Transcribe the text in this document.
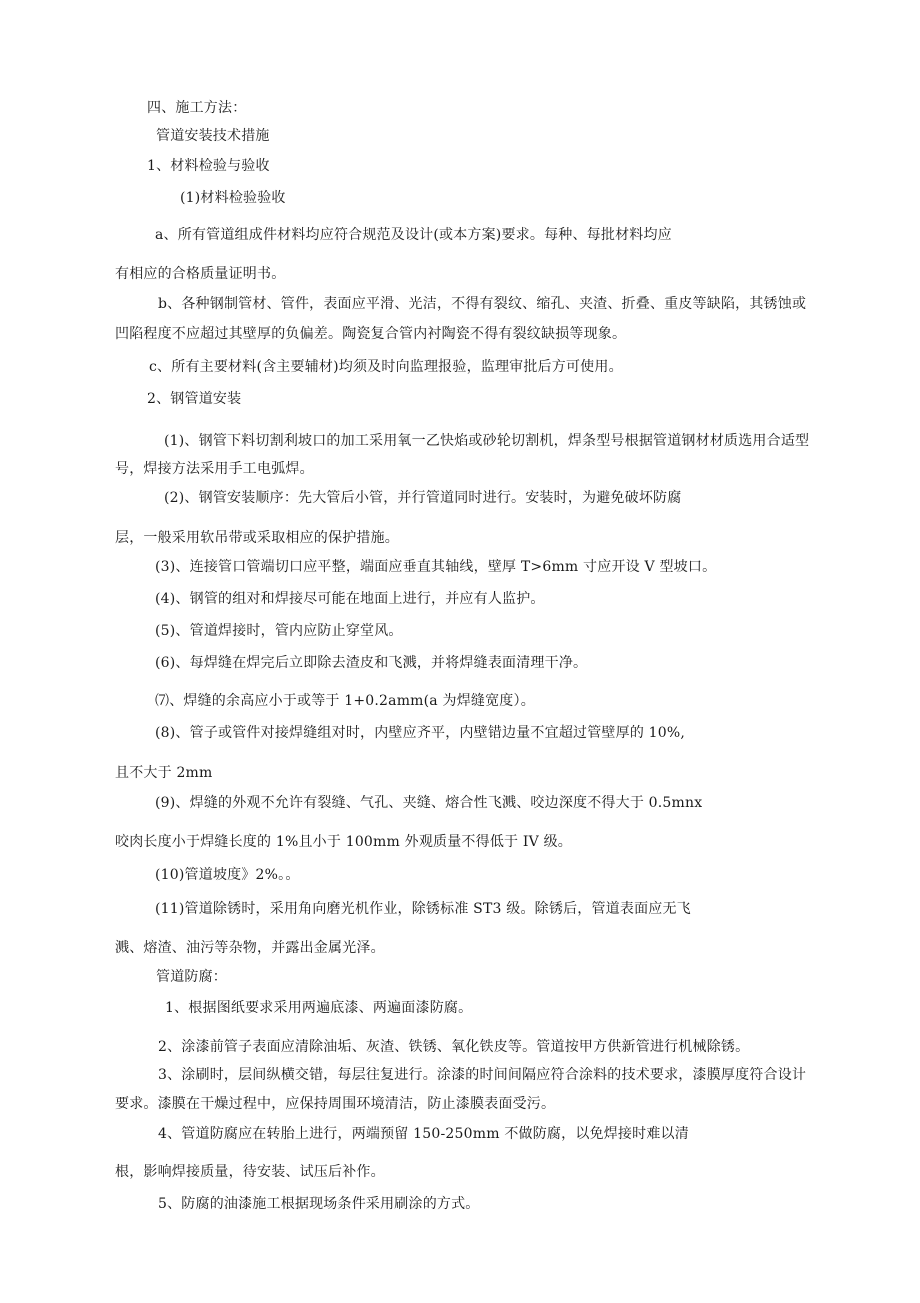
四、施工方法：
管道安装技术措施
1、材料检验与验收
(1)材料检验验收
a、所有管道组成件材料均应符合规范及设计(或本方案)要求。每种、每批材料均应
有相应的合格质量证明书。
b、各种钢制管材、管件，表面应平滑、光洁，不得有裂纹、缩孔、夹渣、折叠、重皮等缺陷，其锈蚀或
凹陷程度不应超过其壁厚的负偏差。陶瓷复合管内衬陶瓷不得有裂纹缺损等现象。
c、所有主要材料(含主要辅材)均须及时向监理报验，监理审批后方可使用。
2、钢管道安装
(1)、钢管下料切割利坡口的加工采用氧一乙快焰或砂轮切割机，焊条型号根据管道钢材材质选用合适型
号，焊接方法采用手工电弧焊。
(2)、钢管安装顺序：先大管后小管，并行管道同时进行。安装时，为避免破坏防腐
层，一般采用软吊带或采取相应的保护措施。
(3)、连接管口管端切口应平整，端面应垂直其轴线，壁厚 T>6mm 寸应开设 V 型坡口。
(4)、钢管的组对和焊接尽可能在地面上进行，并应有人监护。
(5)、管道焊接时，管内应防止穿堂风。
(6)、每焊缝在焊完后立即除去渣皮和飞溅，并将焊缝表面清理干净。
⑺、焊缝的余高应小于或等于 1+0.2amm(a 为焊缝宽度）。
(8)、管子或管件对接焊缝组对时，内壁应齐平，内壁错边量不宜超过管壁厚的 10%,
且不大于 2mm
(9)、焊缝的外观不允许有裂缝、气孔、夹缝、熔合性飞溅、咬边深度不得大于 0.5mnx
咬肉长度小于焊缝长度的 1%且小于 100mm 外观质量不得低于 IV 级。
(10)管道坡度》2%。。
(11)管道除锈时，采用角向磨光机作业，除锈标准 ST3 级。除锈后，管道表面应无飞
溅、熔渣、油污等杂物，并露出金属光泽。
管道防腐：
1、根据图纸要求采用两遍底漆、两遍面漆防腐。
2、涂漆前管子表面应清除油垢、灰渣、铁锈、氧化铁皮等。管道按甲方供新管进行机械除锈。
3、涂刷时，层间纵横交错，每层往复进行。涂漆的时间间隔应符合涂料的技术要求，漆膜厚度符合设计
要求。漆膜在干燥过程中，应保持周围环境清洁，防止漆膜表面受污。
4、管道防腐应在转胎上进行，两端预留 150-250mm 不做防腐，以免焊接时难以清
根，影响焊接质量，待安装、试压后补作。
5、防腐的油漆施工根据现场条件采用刷涂的方式。
